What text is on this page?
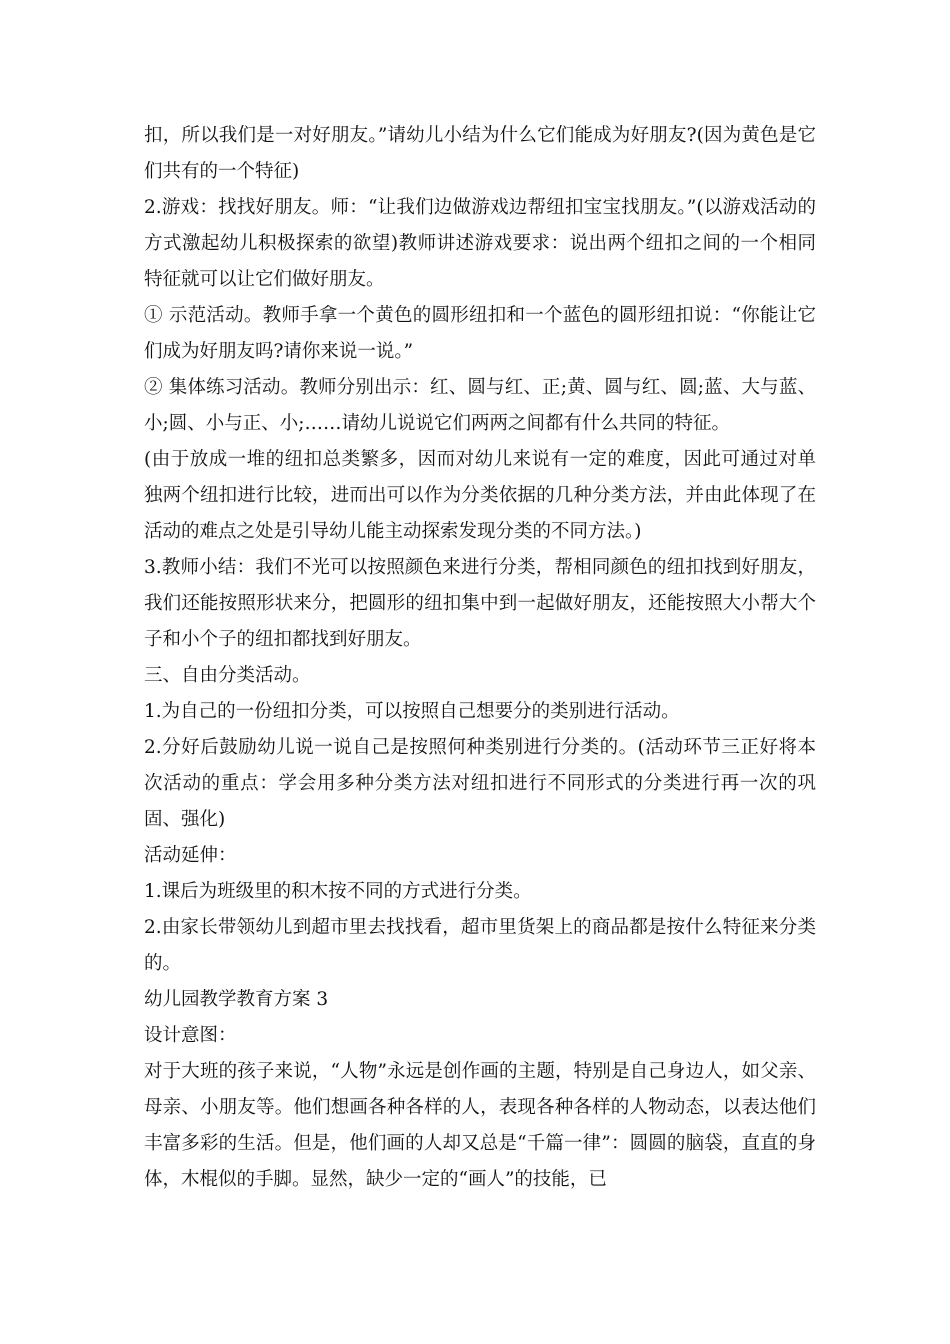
扣，所以我们是一对好朋友。”请幼儿小结为什么它们能成为好朋友?(因为黄色是它们共有的一个特征)

2.游戏：找找好朋友。师：“让我们边做游戏边帮纽扣宝宝找朋友。”(以游戏活动的方式激起幼儿积极探索的欲望)教师讲述游戏要求：说出两个纽扣之间的一个相同特征就可以让它们做好朋友。

① 示范活动。教师手拿一个黄色的圆形纽扣和一个蓝色的圆形纽扣说：“你能让它们成为好朋友吗?请你来说一说。”

② 集体练习活动。教师分别出示：红、圆与红、正;黄、圆与红、圆;蓝、大与蓝、小;圆、小与正、小;……请幼儿说说它们两两之间都有什么共同的特征。

(由于放成一堆的纽扣总类繁多，因而对幼儿来说有一定的难度，因此可通过对单独两个纽扣进行比较，进而出可以作为分类依据的几种分类方法，并由此体现了在活动的难点之处是引导幼儿能主动探索发现分类的不同方法。)

3.教师小结：我们不光可以按照颜色来进行分类，帮相同颜色的纽扣找到好朋友，我们还能按照形状来分，把圆形的纽扣集中到一起做好朋友，还能按照大小帮大个子和小个子的纽扣都找到好朋友。

三、自由分类活动。

1.为自己的一份纽扣分类，可以按照自己想要分的类别进行活动。

2.分好后鼓励幼儿说一说自己是按照何种类别进行分类的。(活动环节三正好将本次活动的重点：学会用多种分类方法对纽扣进行不同形式的分类进行再一次的巩固、强化)

活动延伸：

1.课后为班级里的积木按不同的方式进行分类。

2.由家长带领幼儿到超市里去找找看，超市里货架上的商品都是按什么特征来分类的。

幼儿园教学教育方案 3

设计意图：

对于大班的孩子来说，“人物”永远是创作画的主题，特别是自己身边人，如父亲、母亲、小朋友等。他们想画各种各样的人，表现各种各样的人物动态，以表达他们丰富多彩的生活。但是，他们画的人却又总是“千篇一律”：圆圆的脑袋，直直的身体，木棍似的手脚。显然，缺少一定的“画人”的技能，已
